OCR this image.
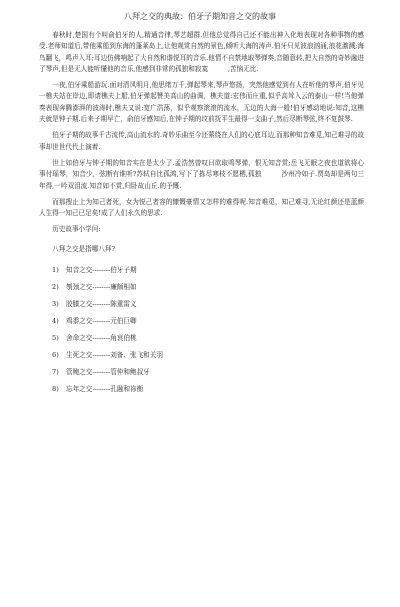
八拜之交的典故：伯牙子期知音之交的故事

春秋时,楚国有个叫俞伯牙的人,精通音律,琴艺超群.但他总觉得自己还不能出神入化地表现对各种事物的感受.老师知道后,带他乘船到东海的蓬莱岛上,让他观赏自然的景色,倾听大海的涛声.伯牙只见波浪汹涌,浪花激溅;海鸟翻飞，鸣声入耳;耳边仿佛响起了大自然和谐悦耳的音乐.他情不自禁地取琴弹奏,音随意转,把大自然的奇妙融进了琴声,但是无人能听懂他的音乐,他感到非常的孤独和寂寞　　　,苦恼无比.

一夜,伯牙乘船游玩.面对清风明月,他思绪万千,弹起琴来,琴声悠扬，突然他感觉到有人在听他的琴声,伯牙见一樵夫站在岸边,即请樵夫上船,伯牙弹起赞美高山的曲调，樵夫道:宏伟而庄重,似乎高耸入云的泰山一样!当他弹奏表现奔腾澎湃的波涛时,樵夫又说:宽广浩荡，似乎观察滚滚的流水，无边的大海一般!伯牙感动地说:知音,这樵夫就是钟子期.后来子期早亡，俞伯牙感知后,在钟子期的坟前抚平生最得一支曲子,然后尽断琴弦,终不复鼓琴.

伯牙子期的故事千古流传,高山流水的.奇妙乐曲至今还萦绕在人们的心底耳边,而那种知音难觅,知己难寻的故事却世世代代上演着.

世上如伯牙与钟子期的知音实在是太少了.孟浩然曾叹曰欲取鸣琴弹，恨无知音赏;岳飞无眠之夜也道欲将心事付瑶琴，知音少，弦断有谁听?苏轼自比孤鸿,写下了拣尽寒枝不愿栖,孤独　　　沙州冷如子.贾岛却是两句三年得,一吟双泪流.知音如不赏,归卧故山丘.的予慨.

而那搜止上为知己者死，女为悦己者容的慷慨豪情又怎样的难得呢.知音难觅，知己难寻,无论红颜还是蓝颜人生得一知己已足矣!成了人们永久的思求.

历史故事小学问:

八拜之交是指哪八拜?

1)	知音之交--------伯牙子期
2)	刎颈之交--------廉颇相如
3)	胶膝之交--------陈重雷义
4)	鸡黍之交--------元伯巨卿
5)	舍命之交--------角哀伯桃
6)	生死之交--------刘备、张飞和关羽
7)	管鲍之交--------管仲和鲍叔牙
8)	忘年之交--------孔融和祢衡
